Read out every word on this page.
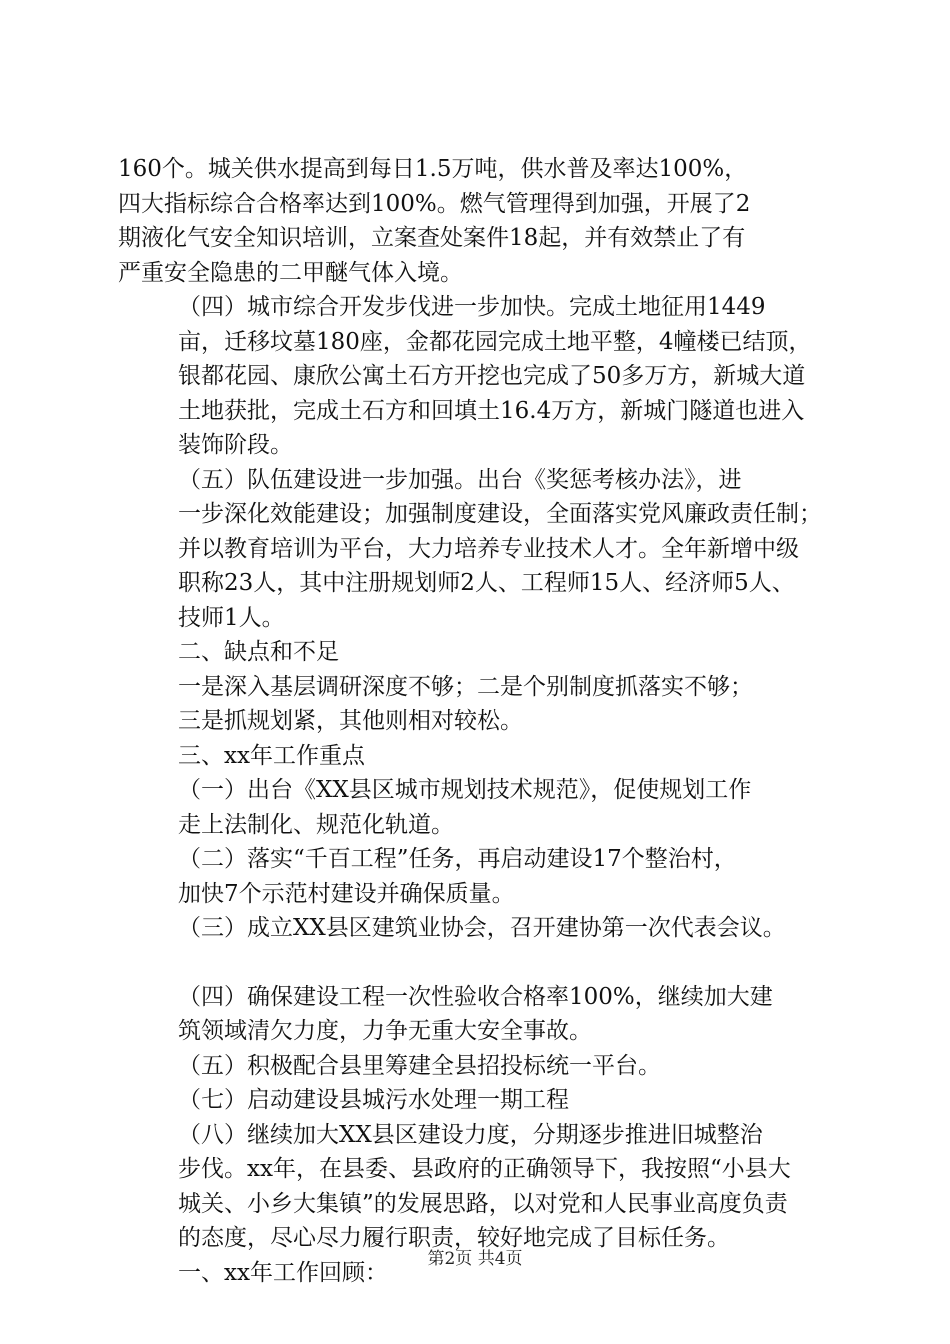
160个。城关供水提高到每日1.5万吨，供水普及率达100%，
四大指标综合合格率达到100%。燃气管理得到加强，开展了2
期液化气安全知识培训，立案查处案件18起，并有效禁止了有
严重安全隐患的二甲醚气体入境。

（四）城市综合开发步伐进一步加快。完成土地征用1449
亩，迁移坟墓180座，金都花园完成土地平整，4幢楼已结顶，
银都花园、康欣公寓土石方开挖也完成了50多万方，新城大道
土地获批，完成土石方和回填土16.4万方，新城门隧道也进入
装饰阶段。

（五）队伍建设进一步加强。出台《奖惩考核办法》，进
一步深化效能建设；加强制度建设，全面落实党风廉政责任制；
并以教育培训为平台，大力培养专业技术人才。全年新增中级
职称23人，其中注册规划师2人、工程师15人、经济师5人、
技师1人。

二、缺点和不足

一是深入基层调研深度不够；二是个别制度抓落实不够；
三是抓规划紧，其他则相对较松。

三、xx年工作重点

（一）出台《XX县区城市规划技术规范》，促使规划工作
走上法制化、规范化轨道。

（二）落实“千百工程”任务，再启动建设17个整治村，
加快7个示范村建设并确保质量。

（三）成立XX县区建筑业协会，召开建协第一次代表会议。

（四）确保建设工程一次性验收合格率100%，继续加大建
筑领域清欠力度，力争无重大安全事故。

（五）积极配合县里筹建全县招投标统一平台。

（七）启动建设县城污水处理一期工程

（八）继续加大XX县区建设力度，分期逐步推进旧城整治
步伐。xx年，在县委、县政府的正确领导下，我按照“小县大
城关、小乡大集镇”的发展思路，以对党和人民事业高度负责
的态度，尽心尽力履行职责，较好地完成了目标任务。

一、xx年工作回顾：

第2页 共4页
